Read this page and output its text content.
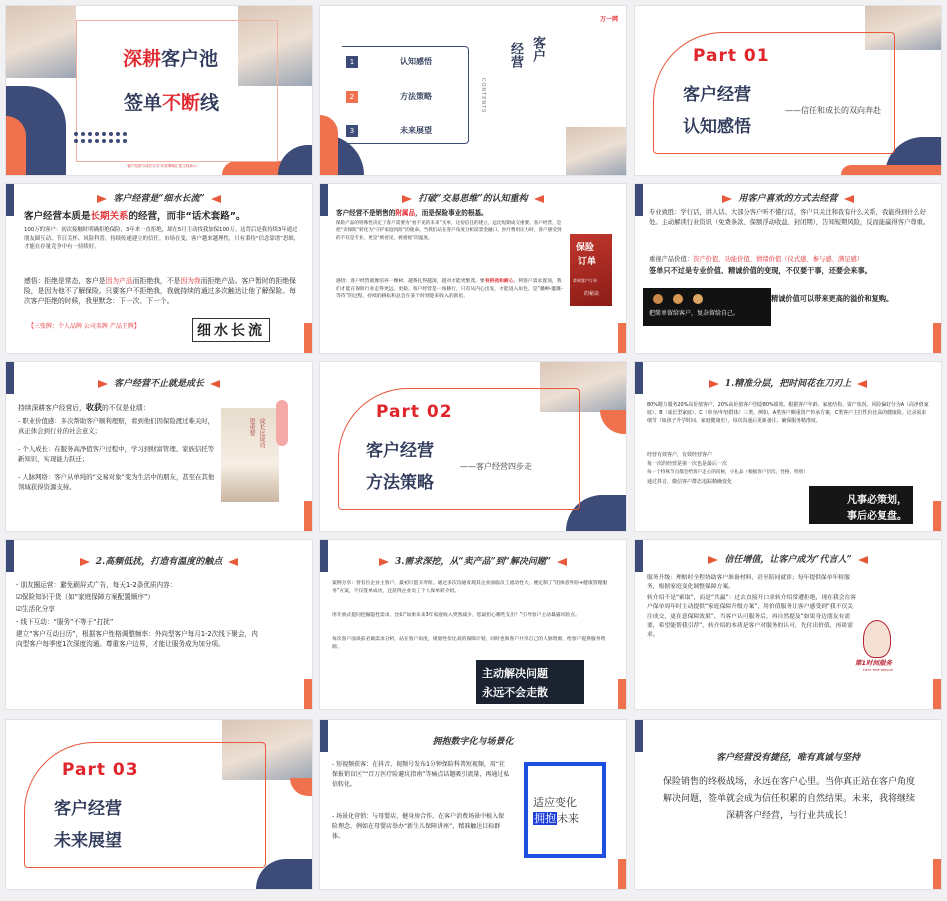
深耕客户池
签单不断线
·客户经营与成长分享·年度策略汇报文档演示·
万一网
1	认知感悟
2	方法策略
3	未来展望
CONTENTS
经营 客户	Part 01
客户经营
认知感悟
——信任和成长的双向奔赴
客户经营是“细水长流”
客户经营本质是长期关系的经营，而非“话术套路”。
100万的客户：初次接触时明确拒绝保险，3年来一直拒绝，却在5月主动找我加保100万。这背后是我持续3年通过朋友圈互动、节日关怀、风险科普，持续传递建立的信任。市场在变，客户越来越理性，只有秉持“信念靠谱”思维，才能在存量竞争中有一持续好。
感悟：拒绝是常态，客户是因为产品而拒绝我，不是因为我而拒绝产品。客户暂时的拒绝保险，是因为他不了解保险。只要客户不拒绝我，我就持续的通过多次触达让他了解保险。每次客户拒绝的时候，我里默念：下一次、下一个。
【三张牌：个人品牌 公司名牌 产品王牌】	细水长流
打破“交易思维”的认知重构
客户经营不是销售的附属品，而是保险事业的根基。
保险产品的特殊性决定了客户需要为“看不见的未来”买单，这份信任的建立，远比短期成交重要。客户经营，是把“卖保险”转化为“守护家庭风险”的使命。当我们站在客户角度分析前景金融口、医疗费用压力时，客户感受到的不仅是专业，更是“被看见、被重视”的温度。
感悟：客户经营就像培养一棵树，越系扎得越深，越对才能更繁茂。要有拼劲和耐心，将客户需求置顶，我们才能在保险行业走得更远、更稳。客户经营是一场修行，只有从内心出发，才能进入角色，是“播种-灌溉-等待”的过程，持续的耕耘积总会在某个时刻迎来收入的新星。
保险
订单
拿到客户订单
的秘诀
用客户喜欢的方式去经营
专业致胜：学行话，讲人话。大部分客户听不懂行话，客户只关注和我有什么关系，我能得到什么好处。主动解读行业资讯（免费条款、保额浮动收益、封闭期），告知短期风险，反而能赢得客户尊重。
重视产品价值：资产价值、功能价值、情绪价值（仪式感、参与感、满足感）
签单只不过是专业价值、精诚价值的变现，不仅要干事，还要会来事。
把简单留给客户，复杂留给自己。
精诚价值可以带来更高的溢价和复购。
客户经营不止就是成长
持续深耕客户经营后，收获的不仅是业绩：
- 职业价值感：多次帮助客户顺利理赔，看到他们因保险渡过难关时，真正体会到行业的社会意义；
- 个人成长：在服务高净值客户过程中，学习到财富管理、家族信托等新知识，实现能力跃迁；
- 人脉网络：客户从单纯的“交易对象”变为生活中的朋友，甚至在其他领域获得资源支持。
成长比成功
更重要
Part 02
客户经营
方法策略
——客户经营四步走
1.精准分层，把时间花在刀刃上
80%精力服务20%高价值客户，20%高价值客户创造80%绩效。根据客户年龄、家庭结构、资产状况、风险偏好分为A（高净值家庭）、B（成长型家庭）、C（单身/年轻群体）三类。例如，A类客户侧重资产传承方案，C类客户主打性价比高的健康险。记录需求细节（如孩子升学时间、家庭健康史），每次沟通后更新备注，确保服务精准度。
经营有效客户，有效经营客户
每一次的经营是第一次也是最后一次
每一个特殊节点都会给客户走心的问候，小礼品（根据客户层次，性格，特别）
通过抖音，微信客户群态追踪精确变化
凡事必策划，
事后必复盘。
2.高频低扰，打造有温度的触点
- 朋友圈运营：避免刷屏式广告，每天1-2条优质内容：
☑保险知识干货（如“家庭保障方案配置顺序”）
☑生活化分享
- 线下互动：“服务”不等于“打扰”
建立“客户互动日历”，根据客户性格调整频率：外向型客户每月1-2次线下聚会，内向型客户每季度1次深度沟通。尊重客户边界，才能让服务成为加分项。
3.需求深挖，从“卖产品”到“解决问题”
案例分享：曾有位企业主客户，最初只愿买寿险。通过多次沟通发现其企业面临员工流动性大，便定制了“团体意外险+健康管理服务”方案，不仅签单成功，还获得企业员工个人保单转介绍。
用开放式提问挖掘隐性需求，比如“如果未来3年家庭收入突然减少，您最担心哪些支出？”引导客户主动暴露风险点。
每次客户面谈前必做需求分析，站在客户角度，规划性价比高的保障计划，同时也和客户共享自己的人脉资源，给客户提供服务资源。
主动解决问题
永远不会走散
信任增值，让客户成为“代言人”
服务升级：理赔时全程协助客户准备材料，甚至陪同就诊；每年提供保单年检服务，根据家庭变化调整保障方案。
转介绍不是“索取”，而是“共赢”：过去直接开口求转介绍常遭拒绝，现在我会在客户保单周年时主动提供“家庭保障升级方案”，用价值服务让客户感受到“我不仅关注成交，更在意保障效果”。当客户认可服务后，再自然提及“如果身边朋友有需要，希望能帮我引荐”，转介绍的本质是客户对服务的认可，先付出价值，再谈需求。
第1时间服务
FIRST TIME SERVICE
Part 03
客户经营
未来展望
拥抱数字化与场景化
- 短视频获客：在抖音、视频号发布1分钟保险科普短视频，用“社保报销盲区”“百万医疗险避坑指南”等痛点话题吸引流量，再通过私信转化。
- 场景化营销：与母婴店、健身房合作，在客户消费场景中植入保险理念，例如在母婴店举办“新生儿保障讲座”，精准触达目标群体。
适应变化
拥抱未来
客户经营没有捷径，唯有真诚与坚持
保险销售的终极战场，永远在客户心里。当你真正站在客户角度解决问题，签单就会成为信任积累的自然结果。未来，我将继续深耕客户经营，与行业共成长！
